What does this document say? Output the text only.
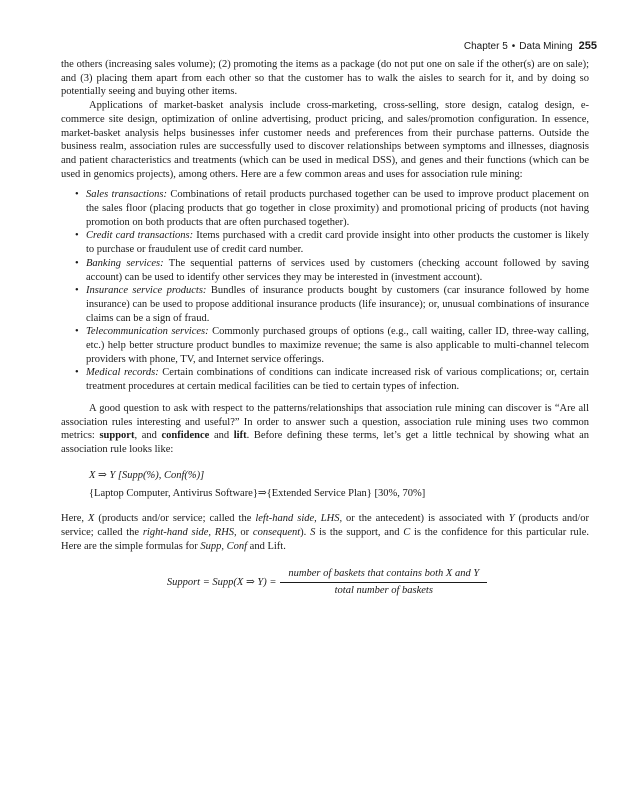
Chapter 5 • Data Mining 255

the others (increasing sales volume); (2) promoting the items as a package (do not put one on sale if the other(s) are on sale); and (3) placing them apart from each other so that the customer has to walk the aisles to search for it, and by doing so potentially seeing and buying other items.

Applications of market-basket analysis include cross-marketing, cross-selling, store design, catalog design, e-commerce site design, optimization of online advertising, product pricing, and sales/promotion configuration. In essence, market-basket analysis helps businesses infer customer needs and preferences from their purchase patterns. Outside the business realm, association rules are successfully used to discover relationships between symptoms and illnesses, diagnosis and patient characteristics and treatments (which can be used in medical DSS), and genes and their functions (which can be used in genomics projects), among others. Here are a few common areas and uses for association rule mining:

• Sales transactions: Combinations of retail products purchased together can be used to improve product placement on the sales floor (placing products that go together in close proximity) and promotional pricing of products (not having promotion on both products that are often purchased together).
• Credit card transactions: Items purchased with a credit card provide insight into other products the customer is likely to purchase or fraudulent use of credit card number.
• Banking services: The sequential patterns of services used by customers (checking account followed by saving account) can be used to identify other services they may be interested in (investment account).
• Insurance service products: Bundles of insurance products bought by customers (car insurance followed by home insurance) can be used to propose additional insurance products (life insurance); or, unusual combinations of insurance claims can be a sign of fraud.
• Telecommunication services: Commonly purchased groups of options (e.g., call waiting, caller ID, three-way calling, etc.) help better structure product bundles to maximize revenue; the same is also applicable to multi-channel telecom providers with phone, TV, and Internet service offerings.
• Medical records: Certain combinations of conditions can indicate increased risk of various complications; or, certain treatment procedures at certain medical facilities can be tied to certain types of infection.

A good question to ask with respect to the patterns/relationships that association rule mining can discover is “Are all association rules interesting and useful?” In order to answer such a question, association rule mining uses two common metrics: support, and confidence and lift. Before defining these terms, let’s get a little technical by showing what an association rule looks like:

X ⇒ Y [Supp(%), Conf(%)]
{Laptop Computer, Antivirus Software}⇒{Extended Service Plan} [30%, 70%]

Here, X (products and/or service; called the left-hand side, LHS, or the antecedent) is associated with Y (products and/or service; called the right-hand side, RHS, or consequent). S is the support, and C is the confidence for this particular rule. Here are the simple formulas for Supp, Conf and Lift.

Support = Supp(X ⇒ $Y) = \frac{\text{number of baskets that contains both X and Y}}{\text{total number of baskets}}$
